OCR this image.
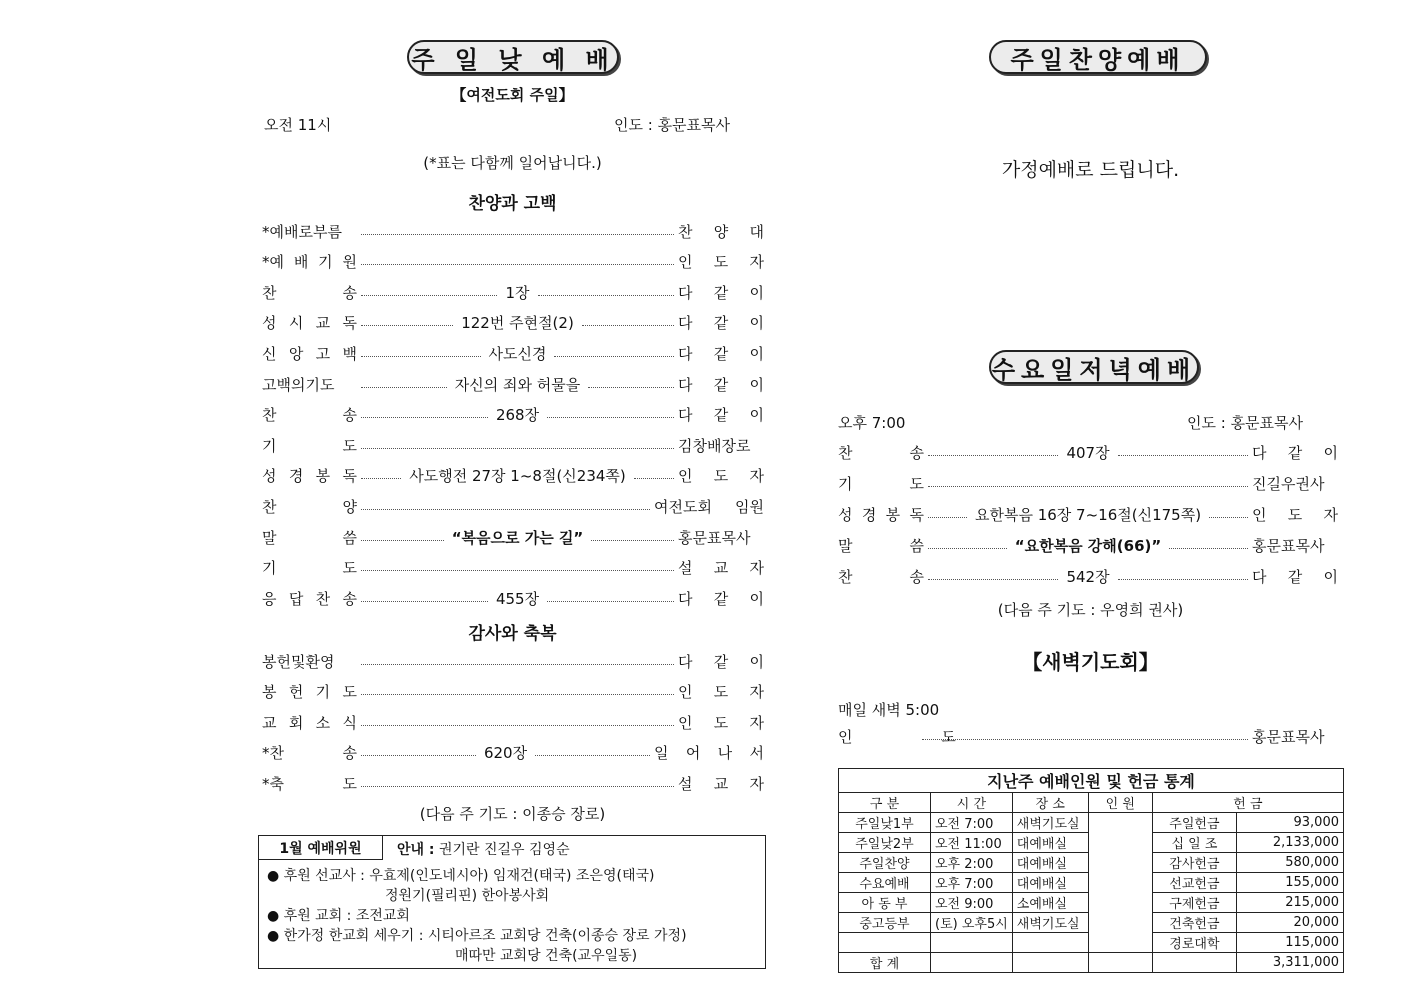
주 일 낮 예 배
【여전도회 주일】
오전 11시	인도 : 홍문표목사
(*표는 다함께 일어납니다.)
찬양과 고백
*예배로부름	찬 양 대
*예 배 기 원	인 도 자
찬 송	1장	다 같 이
성 시 교 독	122번 주현절(2)	다 같 이
신 앙 고 백	사도신경	다 같 이
고백의기도	자신의 죄와 허물을	다 같 이
찬 송	268장	다 같 이
기 도	김창배장로
성 경 봉 독	사도행전 27장 1~8절(신234쪽)	인 도 자
찬 양	여전도회 임원
말 씀	“복음으로 가는 길”	홍문표목사
기 도	설 교 자
응 답 찬 송	455장	다 같 이
감사와 축복
봉헌및환영	다 같 이
봉 헌 기 도	인 도 자
교 회 소 식	인 도 자
*찬 송	620장	일 어 나 서
*축 도	설 교 자
(다음 주 기도 : 이종승 장로)
1월 예배위원	안내 : 권기란 진길우 김영순
● 후원 선교사 : 우효제(인도네시아) 임재건(태국) 조은영(태국)
정원기(필리핀) 한아봉사회
● 후원 교회 : 조전교회
● 한가정 한교회 세우기 : 시티아르조 교회당 건축(이종승 장로 가정)
매따만 교회당 건축(교우일동)
주일찬양예배
가정예배로 드립니다.
수요일저녁예배
오후 7:00	인도 : 홍문표목사
찬 송	407장	다 같 이
기 도	진길우권사
성 경 봉 독	요한복음 16장 7~16절(신175쪽)	인 도 자
말 씀	“요한복음 강해(66)”	홍문표목사
찬 송	542장	다 같 이
(다음 주 기도 : 우영희 권사)
【새벽기도회】
매일 새벽 5:00
인 도	홍문표목사
지난주 예배인원 및 헌금 통계					
구 분	시 간	장 소	인 원	헌 금	
주일낮1부	오전 7:00	새벽기도실		주일헌금	93,000
주일낮2부	오전 11:00	대예배실		십 일 조	2,133,000
주일찬양	오후 2:00	대예배실		감사헌금	580,000
수요예배	오후 7:00	대예배실		선교헌금	155,000
아 동 부	오전 9:00	소예배실		구제헌금	215,000
중고등부	(토) 오후5시	새벽기도실		건축헌금	20,000
				경로대학	115,000
합 계					3,311,000
